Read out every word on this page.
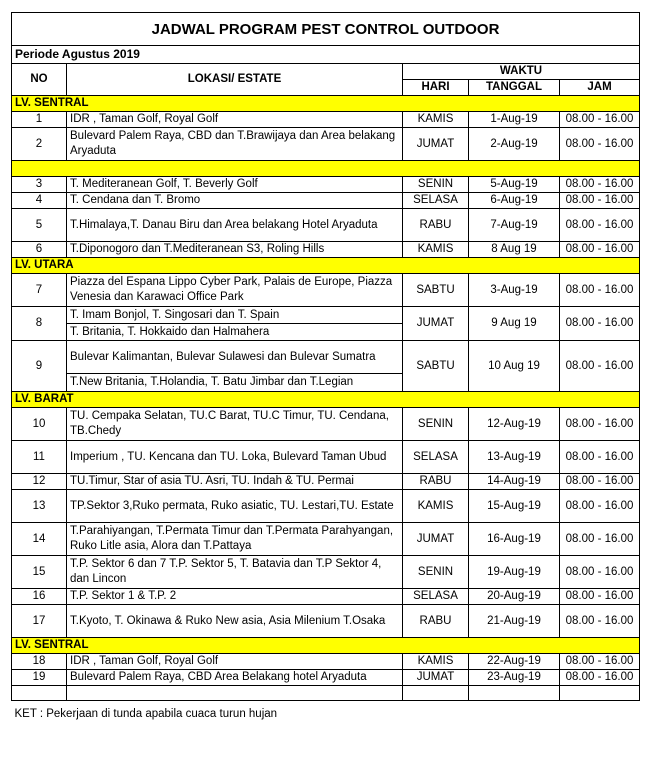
JADWAL PROGRAM PEST CONTROL OUTDOOR				
Periode Agustus 2019				
NO	LOKASI/ ESTATE	WAKTU		
		HARI	TANGGAL	JAM
LV. SENTRAL				
1	IDR , Taman Golf, Royal Golf	KAMIS	1-Aug-19	08.00 - 16.00
2	Bulevard Palem Raya, CBD dan T.Brawijaya dan Area belakang Aryaduta	JUMAT	2-Aug-19	08.00 - 16.00

3	T. Mediteranean Golf, T. Beverly Golf	SENIN	5-Aug-19	08.00 - 16.00
4	T. Cendana dan T. Bromo	SELASA	6-Aug-19	08.00 - 16.00
5	T.Himalaya,T. Danau Biru dan Area belakang Hotel Aryaduta	RABU	7-Aug-19	08.00 - 16.00
6	T.Diponogoro dan T.Mediteranean S3, Roling Hills	KAMIS	8 Aug 19	08.00 - 16.00
LV. UTARA				
7	Piazza del Espana Lippo Cyber Park, Palais de Europe, Piazza Venesia dan Karawaci Office Park	SABTU	3-Aug-19	08.00 - 16.00
8	T. Imam Bonjol, T. Singosari dan T. Spain	JUMAT	9 Aug 19	08.00 - 16.00
	T. Britania, T. Hokkaido dan Halmahera			
9	Bulevar Kalimantan, Bulevar Sulawesi dan Bulevar Sumatra	SABTU	10 Aug 19	08.00 - 16.00
	T.New Britania, T.Holandia, T. Batu Jimbar dan T.Legian			
LV. BARAT				
10	TU. Cempaka Selatan, TU.C Barat, TU.C Timur, TU. Cendana, TB.Chedy	SENIN	12-Aug-19	08.00 - 16.00
11	Imperium , TU. Kencana dan TU. Loka, Bulevard Taman Ubud	SELASA	13-Aug-19	08.00 - 16.00
12	TU.Timur, Star of asia TU. Asri, TU. Indah & TU. Permai	RABU	14-Aug-19	08.00 - 16.00
13	TP.Sektor 3,Ruko permata, Ruko asiatic, TU. Lestari,TU. Estate	KAMIS	15-Aug-19	08.00 - 16.00
14	T.Parahiyangan, T.Permata Timur dan T.Permata Parahyangan, Ruko Litle asia, Alora dan T.Pattaya	JUMAT	16-Aug-19	08.00 - 16.00
15	T.P. Sektor 6 dan 7 T.P. Sektor 5, T. Batavia dan T.P Sektor 4, dan Lincon	SENIN	19-Aug-19	08.00 - 16.00
16	T.P. Sektor 1 & T.P. 2	SELASA	20-Aug-19	08.00 - 16.00
17	T.Kyoto, T. Okinawa & Ruko New asia, Asia Milenium T.Osaka	RABU	21-Aug-19	08.00 - 16.00
LV. SENTRAL				
18	IDR , Taman Golf, Royal Golf	KAMIS	22-Aug-19	08.00 - 16.00
19	Bulevard Palem Raya, CBD Area Belakang hotel Aryaduta	JUMAT	23-Aug-19	08.00 - 16.00

KET : Pekerjaan di tunda apabila cuaca turun hujan				
